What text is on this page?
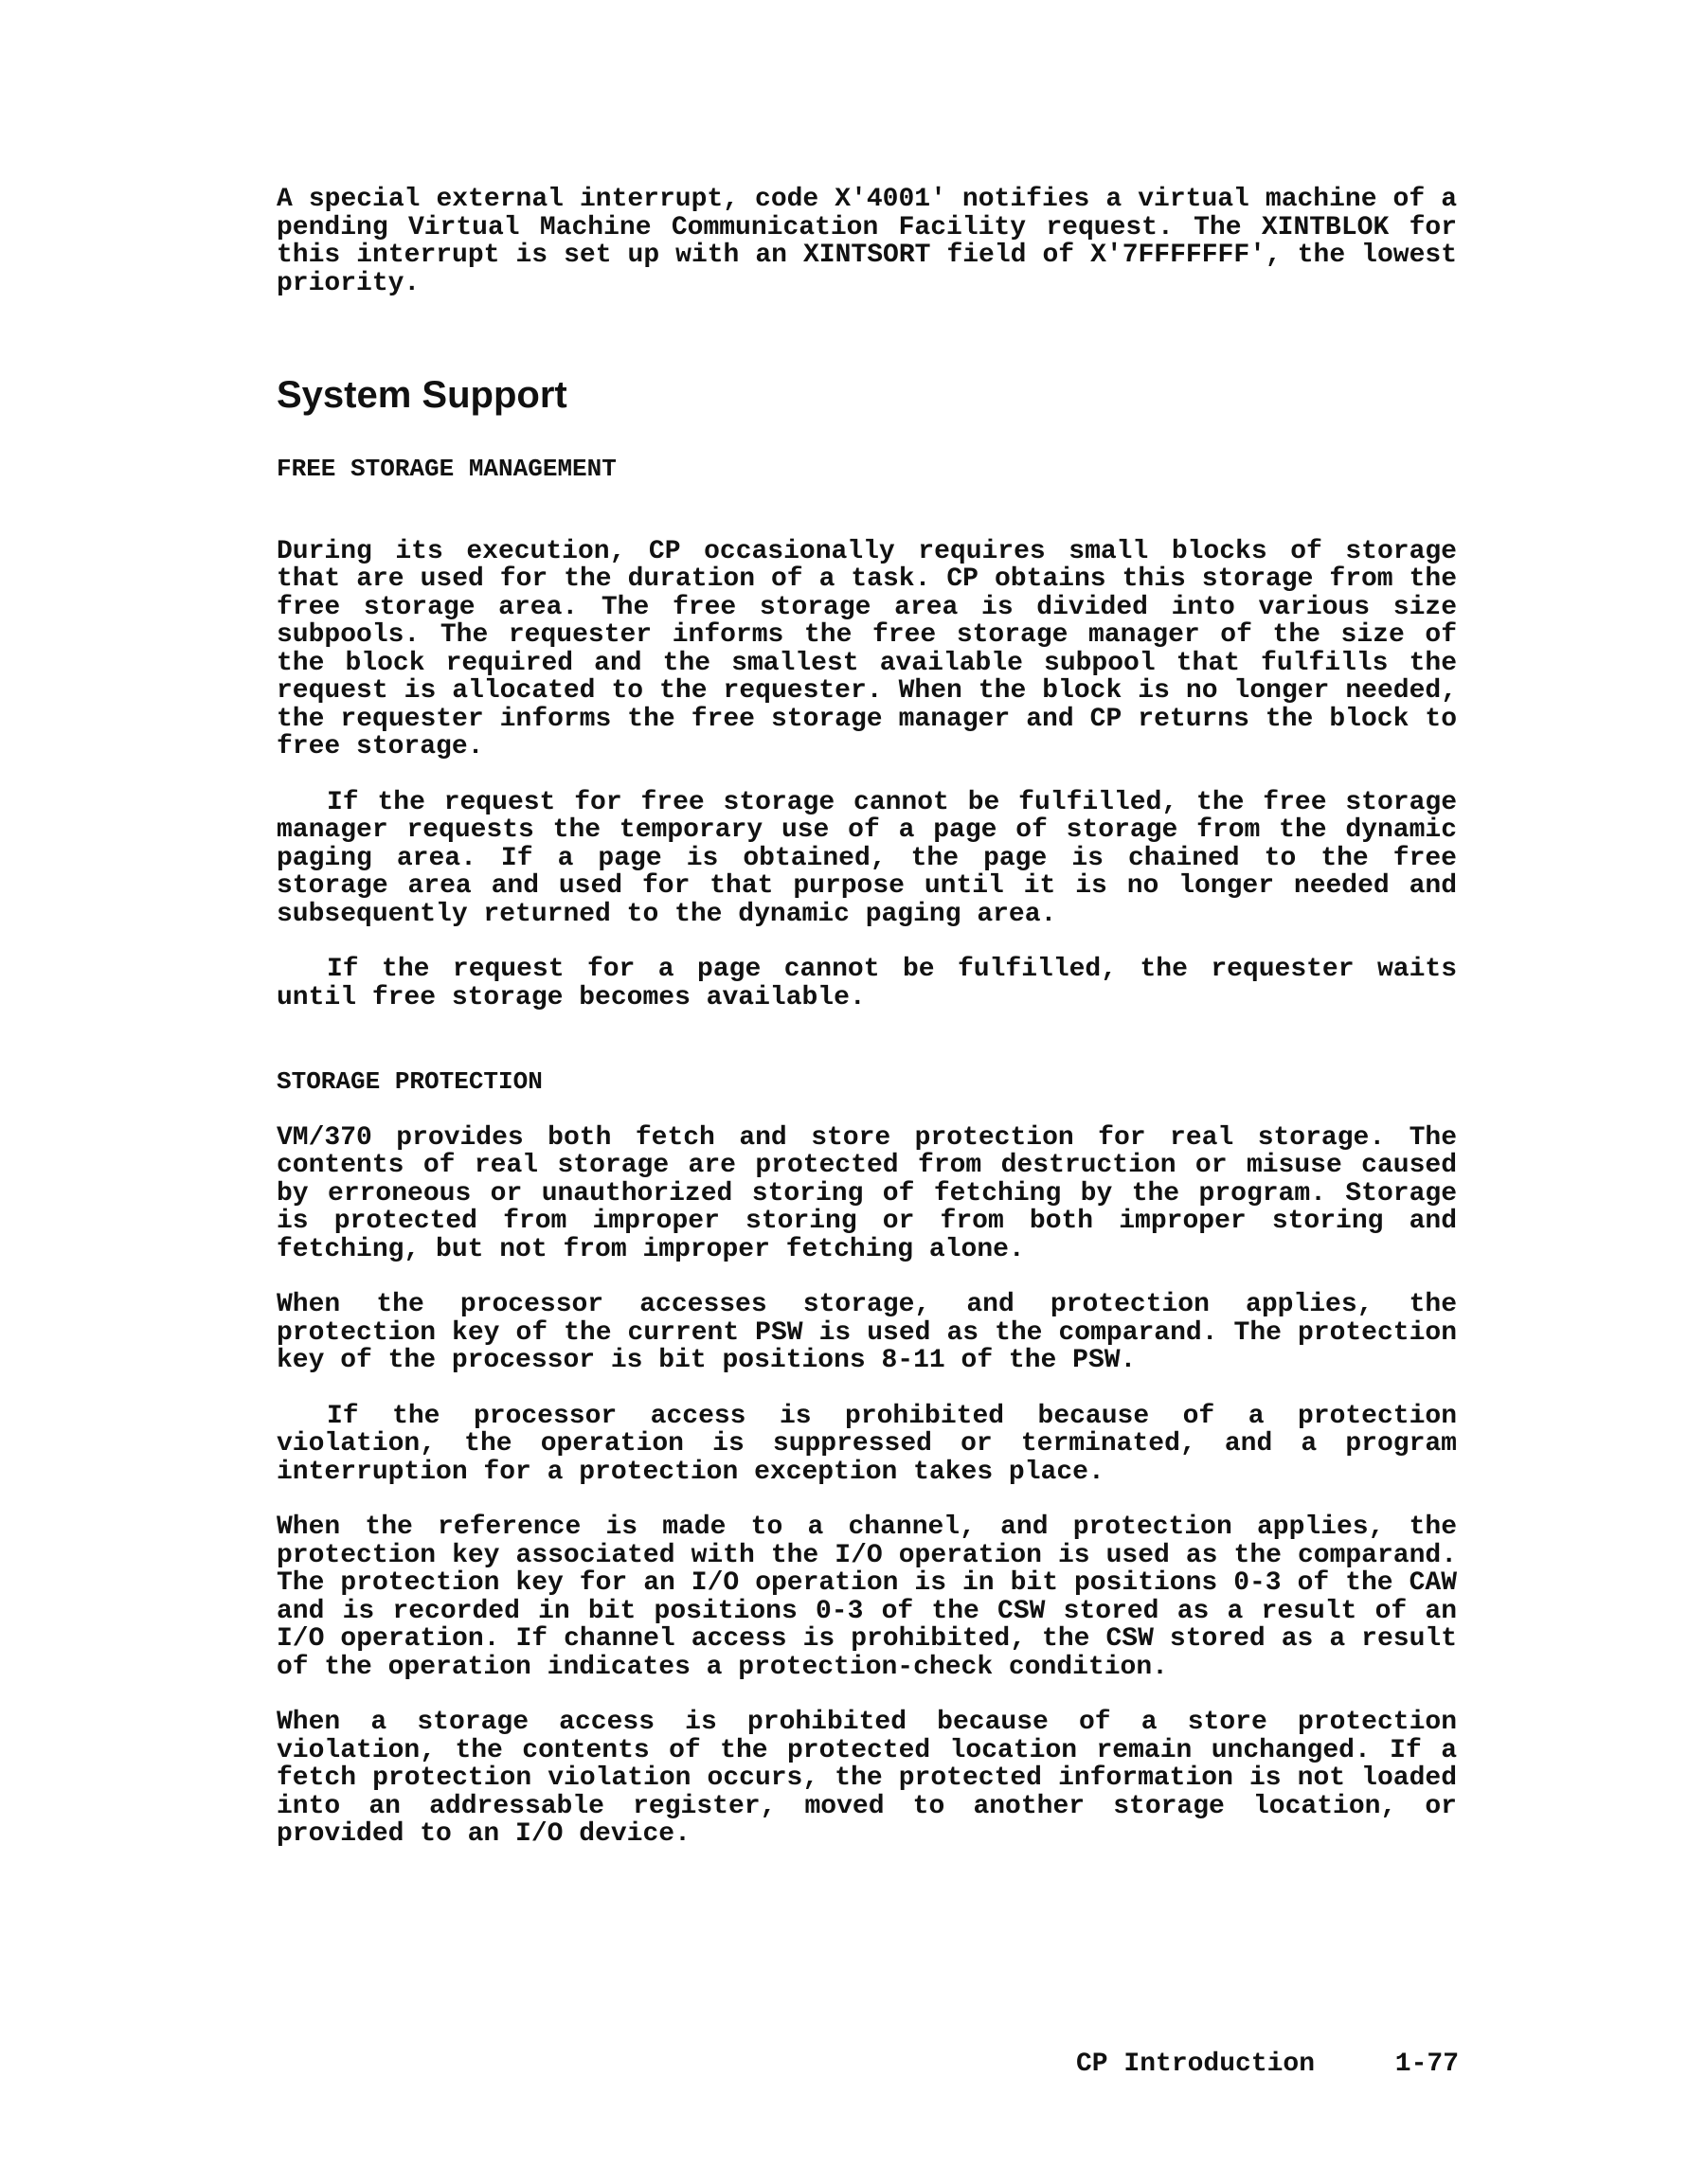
A special external interrupt, code X'4001' notifies a virtual machine of a pending Virtual Machine Communication Facility request. The XINTBLOK for this interrupt is set up with an XINTSORT field of X'7FFFFFFF', the lowest priority.

System Support
FREE STORAGE MANAGEMENT

During its execution, CP occasionally requires small blocks of storage that are used for the duration of a task. CP obtains this storage from the free storage area. The free storage area is divided into various size subpools. The requester informs the free storage manager of the size of the block required and the smallest available subpool that fulfills the request is allocated to the requester. When the block is no longer needed, the requester informs the free storage manager and CP returns the block to free storage.

If the request for free storage cannot be fulfilled, the free storage manager requests the temporary use of a page of storage from the dynamic paging area. If a page is obtained, the page is chained to the free storage area and used for that purpose until it is no longer needed and subsequently returned to the dynamic paging area.

If the request for a page cannot be fulfilled, the requester waits until free storage becomes available.

STORAGE PROTECTION

VM/370 provides both fetch and store protection for real storage. The contents of real storage are protected from destruction or misuse caused by erroneous or unauthorized storing of fetching by the program. Storage is protected from improper storing or from both improper storing and fetching, but not from improper fetching alone.

When the processor accesses storage, and protection applies, the protection key of the current PSW is used as the comparand. The protection key of the processor is bit positions 8-11 of the PSW.

If the processor access is prohibited because of a protection violation, the operation is suppressed or terminated, and a program interruption for a protection exception takes place.

When the reference is made to a channel, and protection applies, the protection key associated with the I/O operation is used as the comparand. The protection key for an I/O operation is in bit positions 0-3 of the CAW and is recorded in bit positions 0-3 of the CSW stored as a result of an I/O operation. If channel access is prohibited, the CSW stored as a result of the operation indicates a protection-check condition.

When a storage access is prohibited because of a store protection violation, the contents of the protected location remain unchanged. If a fetch protection violation occurs, the protected information is not loaded into an addressable register, moved to another storage location, or provided to an I/O device.

CP Introduction	1-77
